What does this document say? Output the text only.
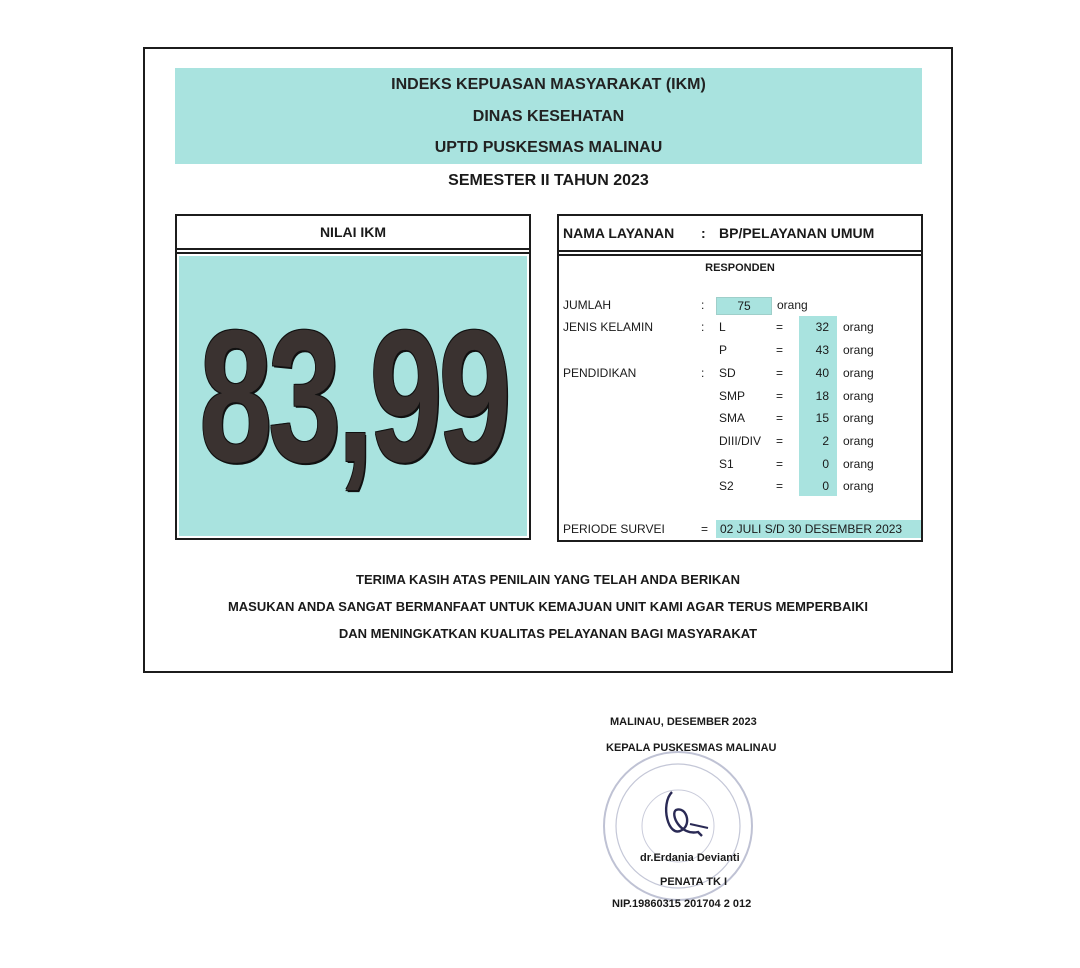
INDEKS KEPUASAN MASYARAKAT (IKM)
DINAS KESEHATAN
UPTD PUSKESMAS MALINAU
SEMESTER II TAHUN 2023
NILAI IKM
83,99
NAMA LAYANAN : BP/PELAYANAN UMUM
RESPONDEN
JUMLAH	:	75	orang
JENIS KELAMIN	: L	=	32 orang
P	=	43 orang
PENDIDIKAN	: SD	=	40 orang
SMP	=	18 orang
SMA	=	15 orang
DIII/DIV =	2 orang
S1	=	0 orang
S2	=	0 orang
PERIODE SURVEI	= 02 JULI S/D 30 DESEMBER 2023
TERIMA KASIH ATAS PENILAIN YANG TELAH ANDA BERIKAN
MASUKAN ANDA SANGAT BERMANFAAT UNTUK KEMAJUAN UNIT KAMI AGAR TERUS MEMPERBAIKI
DAN MENINGKATKAN KUALITAS PELAYANAN BAGI MASYARAKAT
MALINAU, DESEMBER 2023
KEPALA PUSKESMAS MALINAU
dr.Erdania Devianti
PENATA TK I
NIP.19860315 201704 2 012
